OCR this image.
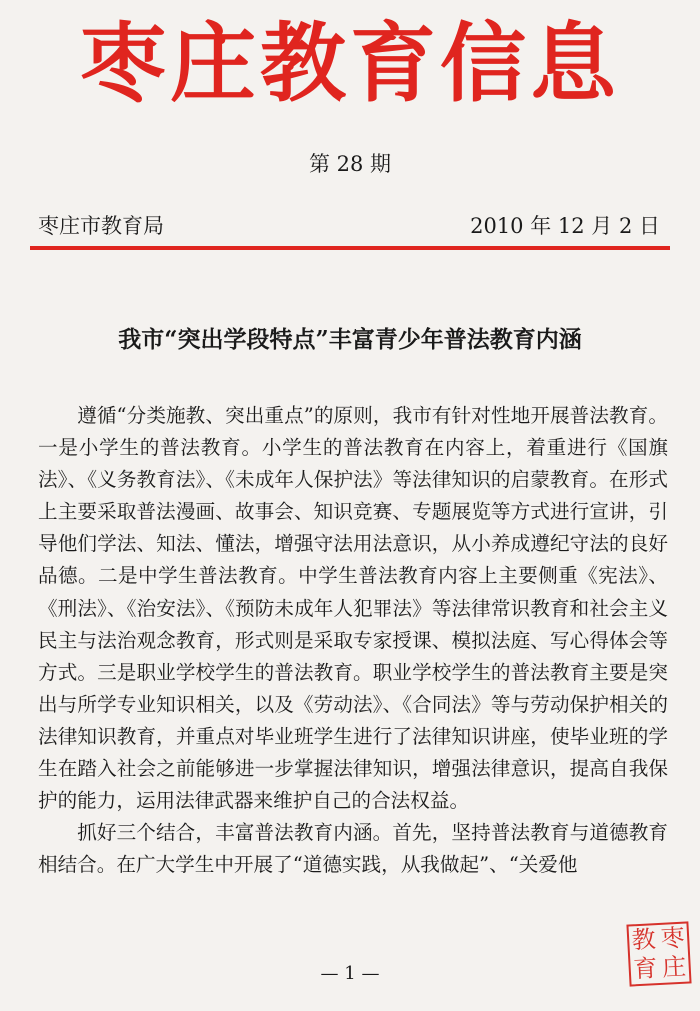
枣庄教育信息
第 28 期
枣庄市教育局	2010 年 12 月 2 日
我市“突出学段特点”丰富青少年普法教育内涵

遵循“分类施教、突出重点”的原则，我市有针对性地开展普法教育。一是小学生的普法教育。小学生的普法教育在内容上，着重进行《国旗法》、《义务教育法》、《未成年人保护法》等法律知识的启蒙教育。在形式上主要采取普法漫画、故事会、知识竞赛、专题展览等方式进行宣讲，引导他们学法、知法、懂法，增强守法用法意识，从小养成遵纪守法的良好品德。二是中学生普法教育。中学生普法教育内容上主要侧重《宪法》、《刑法》、《治安法》、《预防未成年人犯罪法》等法律常识教育和社会主义民主与法治观念教育，形式则是采取专家授课、模拟法庭、写心得体会等方式。三是职业学校学生的普法教育。职业学校学生的普法教育主要是突出与所学专业知识相关，以及《劳动法》、《合同法》等与劳动保护相关的法律知识教育，并重点对毕业班学生进行了法律知识讲座，使毕业班的学生在踏入社会之前能够进一步掌握法律知识，增强法律意识，提高自我保护的能力，运用法律武器来维护自己的合法权益。

抓好三个结合，丰富普法教育内涵。首先，坚持普法教育与道德教育相结合。在广大学生中开展了“道德实践，从我做起”、“关爱他

— 1 —
教 枣
育 庄
